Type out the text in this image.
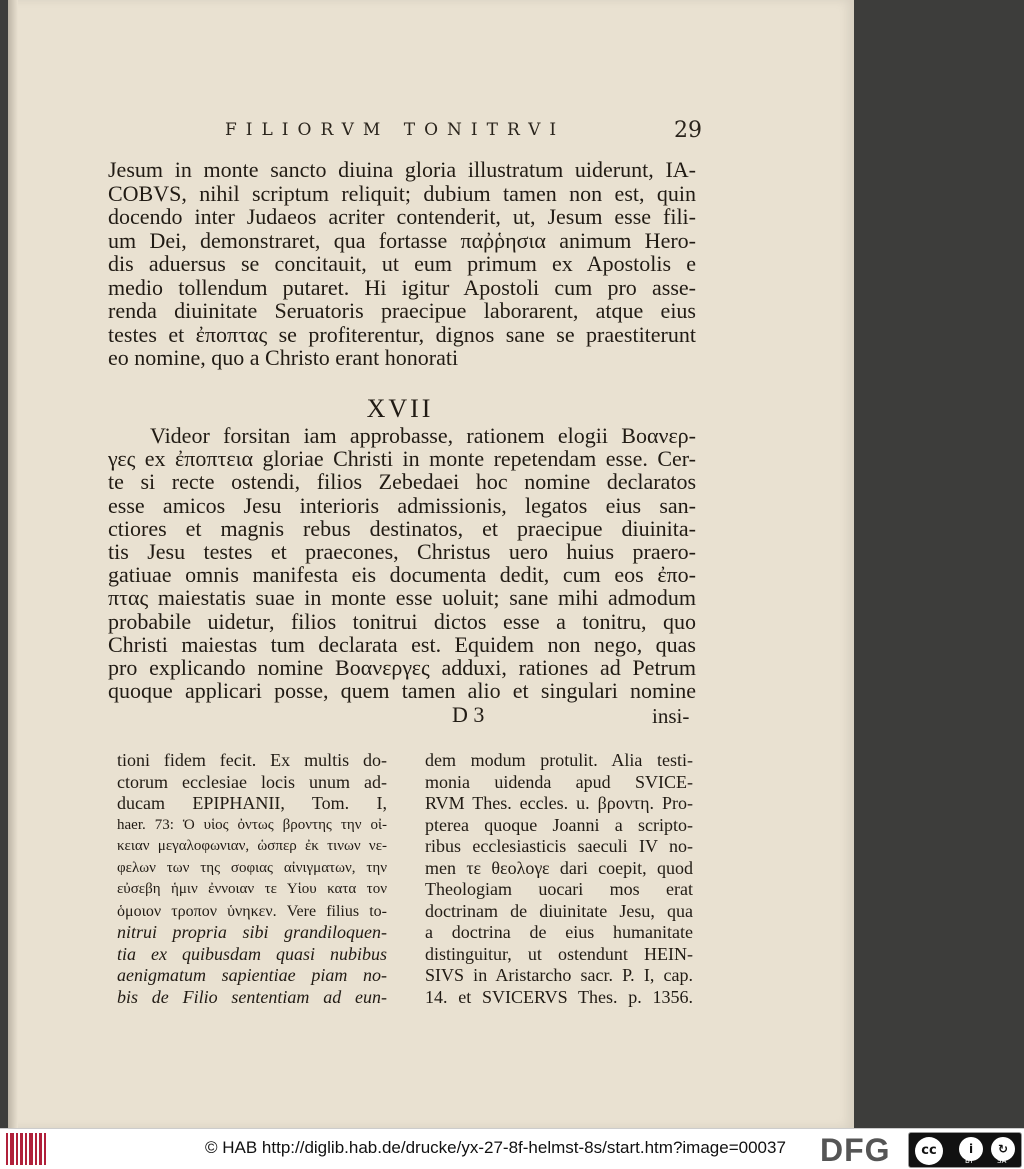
FILIORVM TONITRVI	29
Jesum in monte sancto diuina gloria illustratum uiderunt, IA-
COBVS, nihil scriptum reliquit; dubium tamen non est, quin
docendo inter Judaeos acriter contenderit, ut, Jesum esse fili-
um Dei, demonstraret, qua fortasse παῤῥησια animum Hero-
dis aduersus se concitauit, ut eum primum ex Apostolis e
medio tollendum putaret. Hi igitur Apostoli cum pro asse-
renda diuinitate Seruatoris praecipue laborarent, atque eius
testes et ἐποπτας se profiterentur, dignos sane se praestiterunt
eo nomine, quo a Christo erant honorati
XVII
Videor forsitan iam approbasse, rationem elogii Βοανερ-
γες ex ἐποπτεια gloriae Christi in monte repetendam esse. Cer-
te si recte ostendi, filios Zebedaei hoc nomine declaratos
esse amicos Jesu interioris admissionis, legatos eius san-
ctiores et magnis rebus destinatos, et praecipue diuinita-
tis Jesu testes et praecones, Christus uero huius praero-
gatiuae omnis manifesta eis documenta dedit, cum eos ἐπο-
πτας maiestatis suae in monte esse uoluit; sane mihi admodum
probabile uidetur, filios tonitrui dictos esse a tonitru, quo
Christi maiestas tum declarata est. Equidem non nego, quas
pro explicando nomine Βοανεργες adduxi, rationes ad Petrum
quoque applicari posse, quem tamen alio et singulari nomine
D 3	insi-
tioni fidem fecit. Ex multis do-
ctorum ecclesiae locis unum ad-
ducam EPIPHANII, Tom. I,
haer. 73: Ὁ υἱος ὀντως βροντης την οἰ-
κειαν μεγαλοφωνιαν, ὡσπερ ἐκ τινων νε-
φελων των της σοφιας αἰνιγματων, την
εὐσεβη ἡμιν ἐννοιαν τε Υἱου κατα τον
ὁμοιον τροπον ὑνηκεν. Vere filius to-
nitrui propria sibi grandiloquen-
tia ex quibusdam quasi nubibus
aenigmatum sapientiae piam no-
bis de Filio sententiam ad eun-
dem modum protulit. Alia testi-
monia uidenda apud SVICE-
RVM Thes. eccles. u. βροντη. Pro-
pterea quoque Joanni a scripto-
ribus ecclesiasticis saeculi IV nο-
men τε θεολογε dari coepit, quod
Theologiam uocari mos erat
doctrinam de diuinitate Jesu, qua
a doctrina de eius humanitate
distinguitur, ut ostendunt HEIN-
SIVS in Aristarcho sacr. P. I, cap.
14. et SVICERVS Thes. p. 1356.
© HAB http://diglib.hab.de/drucke/yx-27-8f-helmst-8s/start.htm?image=00037 DFG	cc	i	↻
BY	SA
